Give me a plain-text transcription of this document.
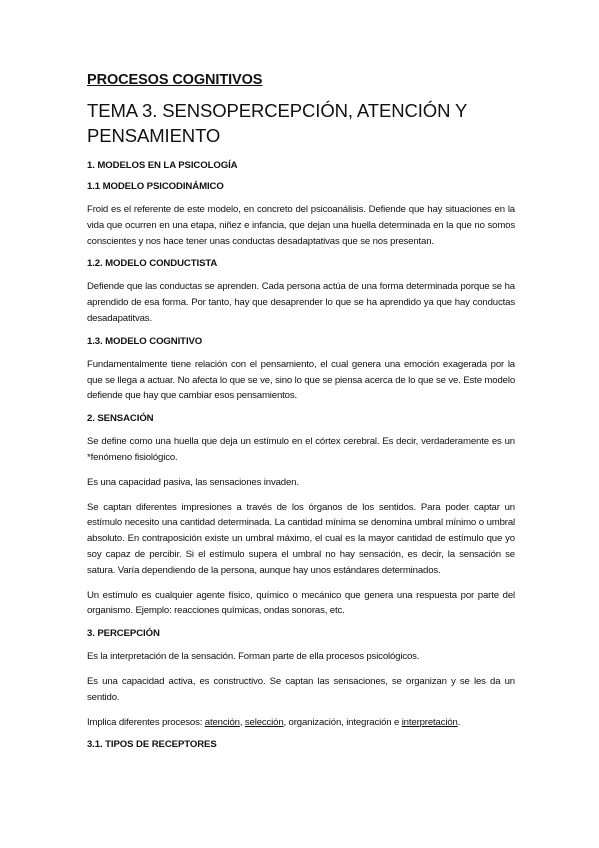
PROCESOS COGNITIVOS
TEMA 3. SENSOPERCEPCIÓN, ATENCIÓN Y PENSAMIENTO
1. MODELOS EN LA PSICOLOGÍA
1.1 MODELO PSICODINÁMICO
Froid es el referente de este modelo, en concreto del psicoanálisis. Defiende que hay situaciones en la vida que ocurren en una etapa, niñez e infancia, que dejan una huella determinada en la que no somos conscientes y nos hace tener unas conductas desadaptativas que se nos presentan.
1.2. MODELO CONDUCTISTA
Defiende que las conductas se aprenden. Cada persona actúa de una forma determinada porque se ha aprendido de esa forma. Por tanto, hay que desaprender lo que se ha aprendido ya que hay conductas desadapatitvas.
1.3. MODELO COGNITIVO
Fundamentalmente tiene relación con el pensamiento, el cual genera una emoción exagerada por la que se llega a actuar. No afecta lo que se ve, sino lo que se piensa acerca de lo que se ve. Este modelo defiende que hay que cambiar esos pensamientos.
2. SENSACIÓN
Se define como una huella que deja un estímulo en el córtex cerebral. Es decir, verdaderamente es un *fenómeno fisiológico.
Es una capacidad pasiva, las sensaciones invaden.
Se captan diferentes impresiones a través de los órganos de los sentidos. Para poder captar un estímulo necesito una cantidad determinada. La cantidad mínima se denomina umbral mínimo o umbral absoluto. En contraposición existe un umbral máximo, el cual es la mayor cantidad de estímulo que yo soy capaz de percibir. Si el estímulo supera el umbral no hay sensación, es decir, la sensación se satura. Varía dependiendo de la persona, aunque hay unos estándares determinados.
Un estímulo es cualquier agente físico, químico o mecánico que genera una respuesta por parte del organismo. Ejemplo: reacciones químicas, ondas sonoras, etc.
3. PERCEPCIÓN
Es la interpretación de la sensación. Forman parte de ella procesos psicológicos.
Es una capacidad activa, es constructivo. Se captan las sensaciones, se organizan y se les da un sentido.
Implica diferentes procesos: atención, selección, organización, integración e interpretación.
3.1. TIPOS DE RECEPTORES
